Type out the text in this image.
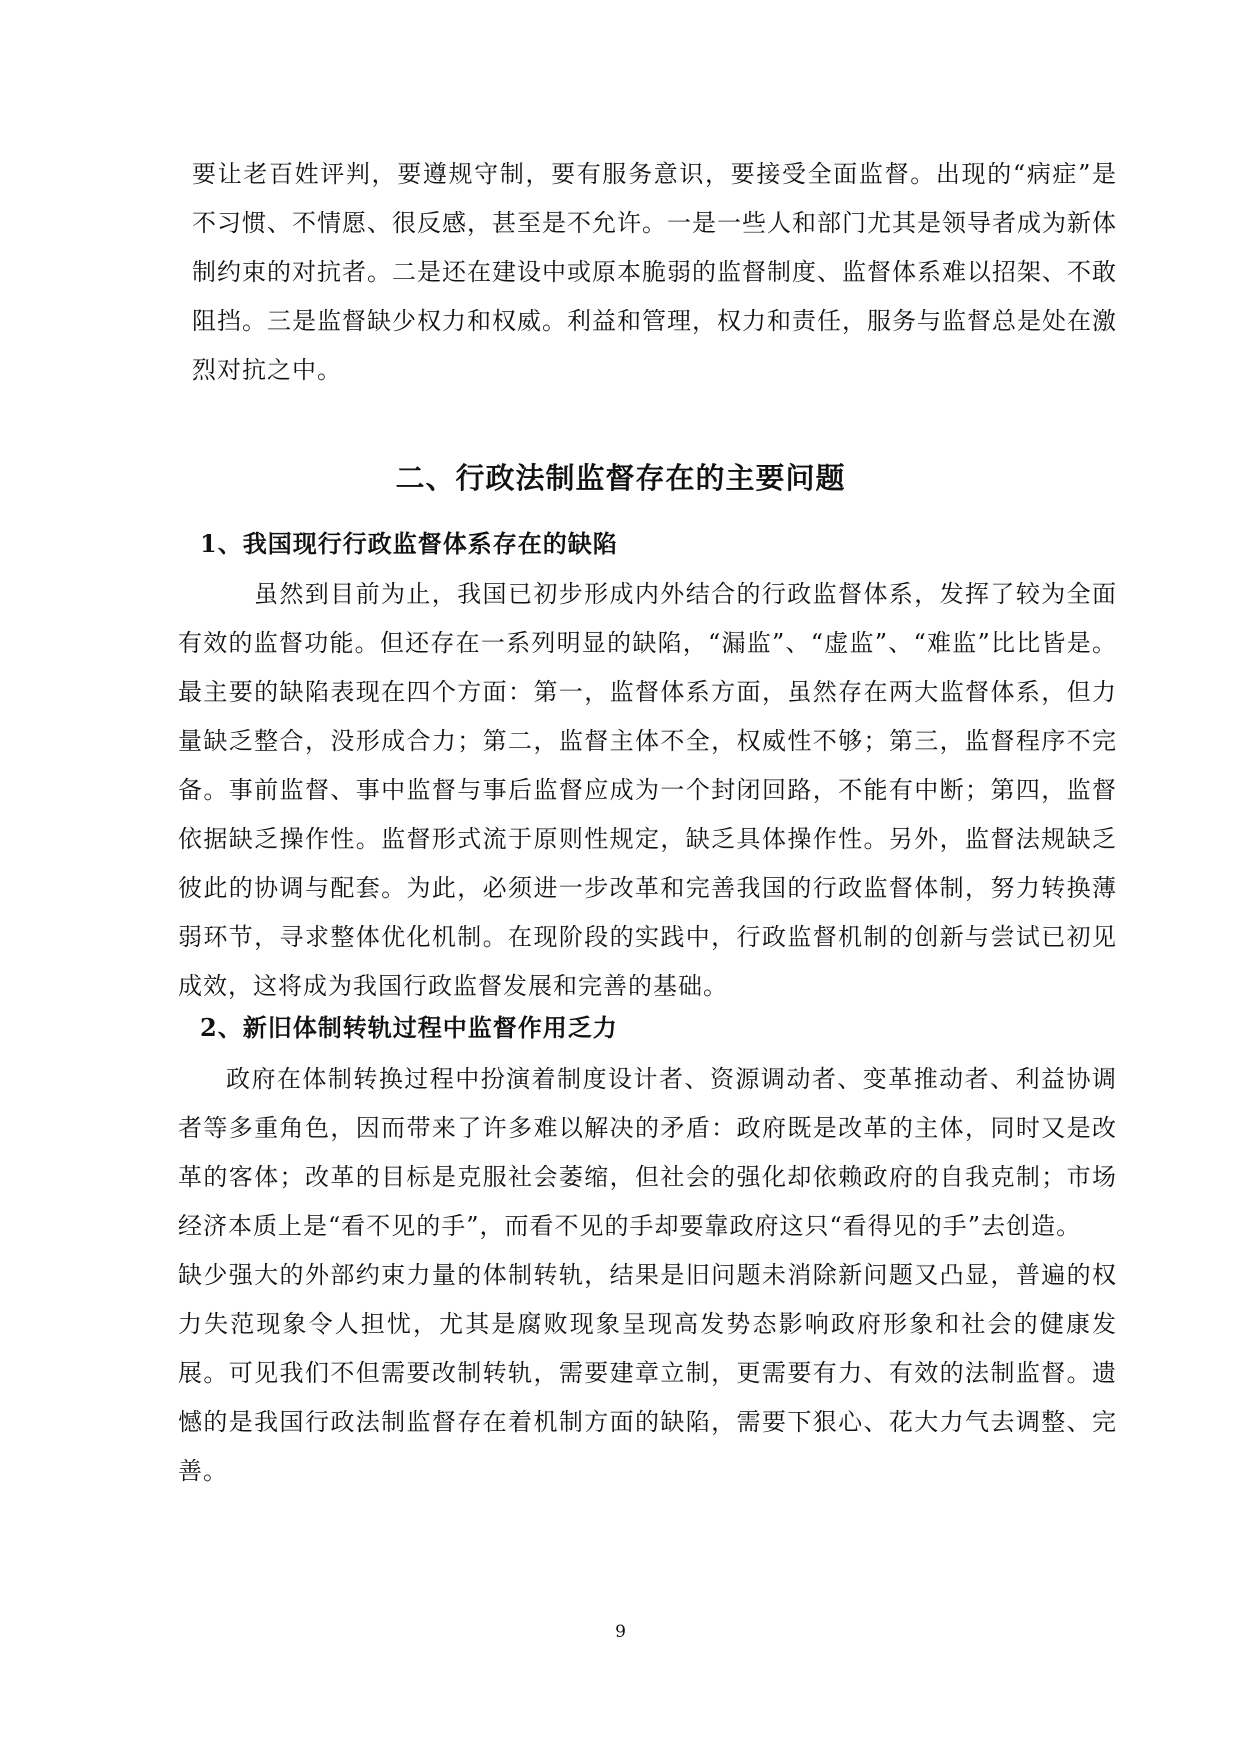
要让老百姓评判，要遵规守制，要有服务意识，要接受全面监督。出现的“病症”是不习惯、不情愿、很反感，甚至是不允许。一是一些人和部门尤其是领导者成为新体制约束的对抗者。二是还在建设中或原本脆弱的监督制度、监督体系难以招架、不敢阻挡。三是监督缺少权力和权威。利益和管理，权力和责任，服务与监督总是处在激烈对抗之中。

二、行政法制监督存在的主要问题
1、我国现行行政监督体系存在的缺陷

虽然到目前为止，我国已初步形成内外结合的行政监督体系，发挥了较为全面有效的监督功能。但还存在一系列明显的缺陷，“漏监”、“虚监”、“难监”比比皆是。最主要的缺陷表现在四个方面：第一，监督体系方面，虽然存在两大监督体系，但力量缺乏整合，没形成合力；第二，监督主体不全，权威性不够；第三，监督程序不完备。事前监督、事中监督与事后监督应成为一个封闭回路，不能有中断；第四，监督依据缺乏操作性。监督形式流于原则性规定，缺乏具体操作性。另外，监督法规缺乏彼此的协调与配套。为此，必须进一步改革和完善我国的行政监督体制，努力转换薄弱环节，寻求整体优化机制。在现阶段的实践中，行政监督机制的创新与尝试已初见成效，这将成为我国行政监督发展和完善的基础。

2、新旧体制转轨过程中监督作用乏力

政府在体制转换过程中扮演着制度设计者、资源调动者、变革推动者、利益协调者等多重角色，因而带来了许多难以解决的矛盾：政府既是改革的主体，同时又是改革的客体；改革的目标是克服社会萎缩，但社会的强化却依赖政府的自我克制；市场经济本质上是“看不见的手”，而看不见的手却要靠政府这只“看得见的手”去创造。

缺少强大的外部约束力量的体制转轨，结果是旧问题未消除新问题又凸显，普遍的权力失范现象令人担忧，尤其是腐败现象呈现高发势态影响政府形象和社会的健康发展。可见我们不但需要改制转轨，需要建章立制，更需要有力、有效的法制监督。遗憾的是我国行政法制监督存在着机制方面的缺陷，需要下狠心、花大力气去调整、完善。

9
